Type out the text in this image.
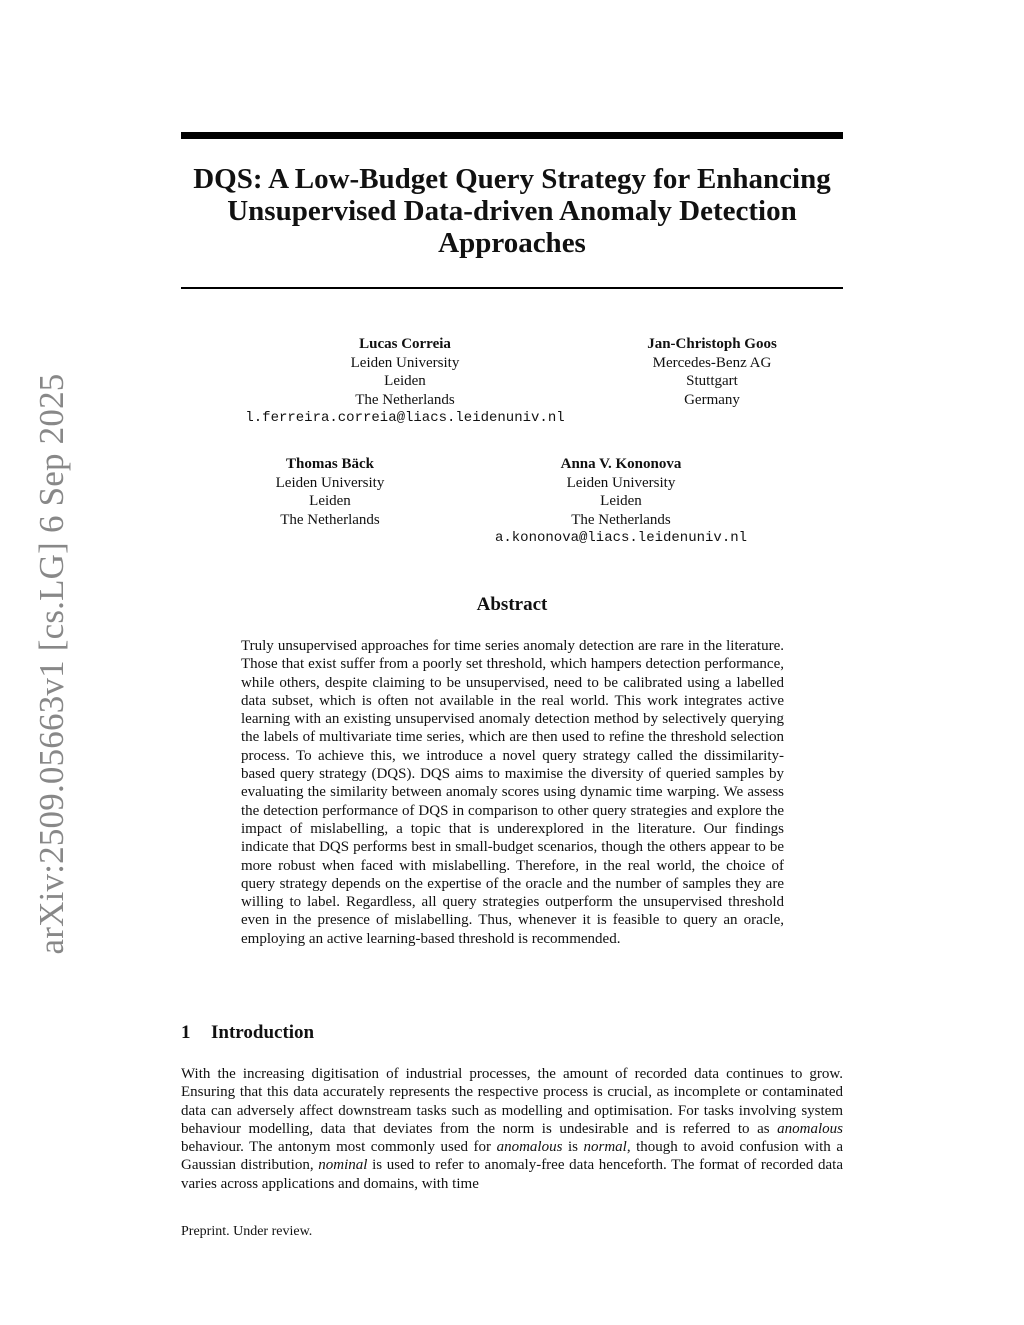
arXiv:2509.05663v1 [cs.LG] 6 Sep 2025
DQS: A Low-Budget Query Strategy for Enhancing Unsupervised Data-driven Anomaly Detection Approaches
Lucas Correia
Leiden University
Leiden
The Netherlands
l.ferreira.correia@liacs.leidenuniv.nl
Jan-Christoph Goos
Mercedes-Benz AG
Stuttgart
Germany
Thomas Bäck
Leiden University
Leiden
The Netherlands
Anna V. Kononova
Leiden University
Leiden
The Netherlands
a.kononova@liacs.leidenuniv.nl
Abstract

Truly unsupervised approaches for time series anomaly detection are rare in the literature. Those that exist suffer from a poorly set threshold, which hampers detection performance, while others, despite claiming to be unsupervised, need to be calibrated using a labelled data subset, which is often not available in the real world. This work integrates active learning with an existing unsupervised anomaly detection method by selectively querying the labels of multivariate time series, which are then used to refine the threshold selection process. To achieve this, we introduce a novel query strategy called the dissimilarity-based query strategy (DQS). DQS aims to maximise the diversity of queried samples by evaluating the similarity between anomaly scores using dynamic time warping. We assess the detection performance of DQS in comparison to other query strategies and explore the impact of mislabelling, a topic that is underexplored in the literature. Our findings indicate that DQS performs best in small-budget scenarios, though the others appear to be more robust when faced with mislabelling. Therefore, in the real world, the choice of query strategy depends on the expertise of the oracle and the number of samples they are willing to label. Regardless, all query strategies outperform the unsupervised threshold even in the presence of mislabelling. Thus, whenever it is feasible to query an oracle, employing an active learning-based threshold is recommended.

1 Introduction

With the increasing digitisation of industrial processes, the amount of recorded data continues to grow. Ensuring that this data accurately represents the respective process is crucial, as incomplete or contaminated data can adversely affect downstream tasks such as modelling and optimisation. For tasks involving system behaviour modelling, data that deviates from the norm is undesirable and is referred to as anomalous behaviour. The antonym most commonly used for anomalous is normal, though to avoid confusion with a Gaussian distribution, nominal is used to refer to anomaly-free data henceforth. The format of recorded data varies across applications and domains, with time

Preprint. Under review.
